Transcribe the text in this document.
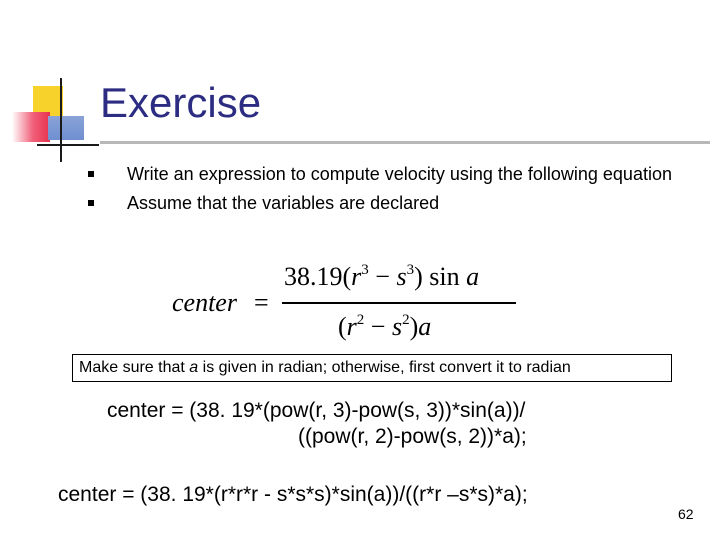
Exercise
Write an expression to compute velocity using the following equation
Assume that the variables are declared
center =
$38.19(r^3 - s^3)$ sin a
$(r^2 - s^2)a$
Make sure that a is given in radian; otherwise, first convert it to radian
center = (38. 19*(pow(r, 3)-pow(s, 3))*sin(a))/
((pow(r, 2)-pow(s, 2))*a);
center = (38. 19*(r*r*r - s*s*s)*sin(a))/((r*r –s*s)*a);
62
